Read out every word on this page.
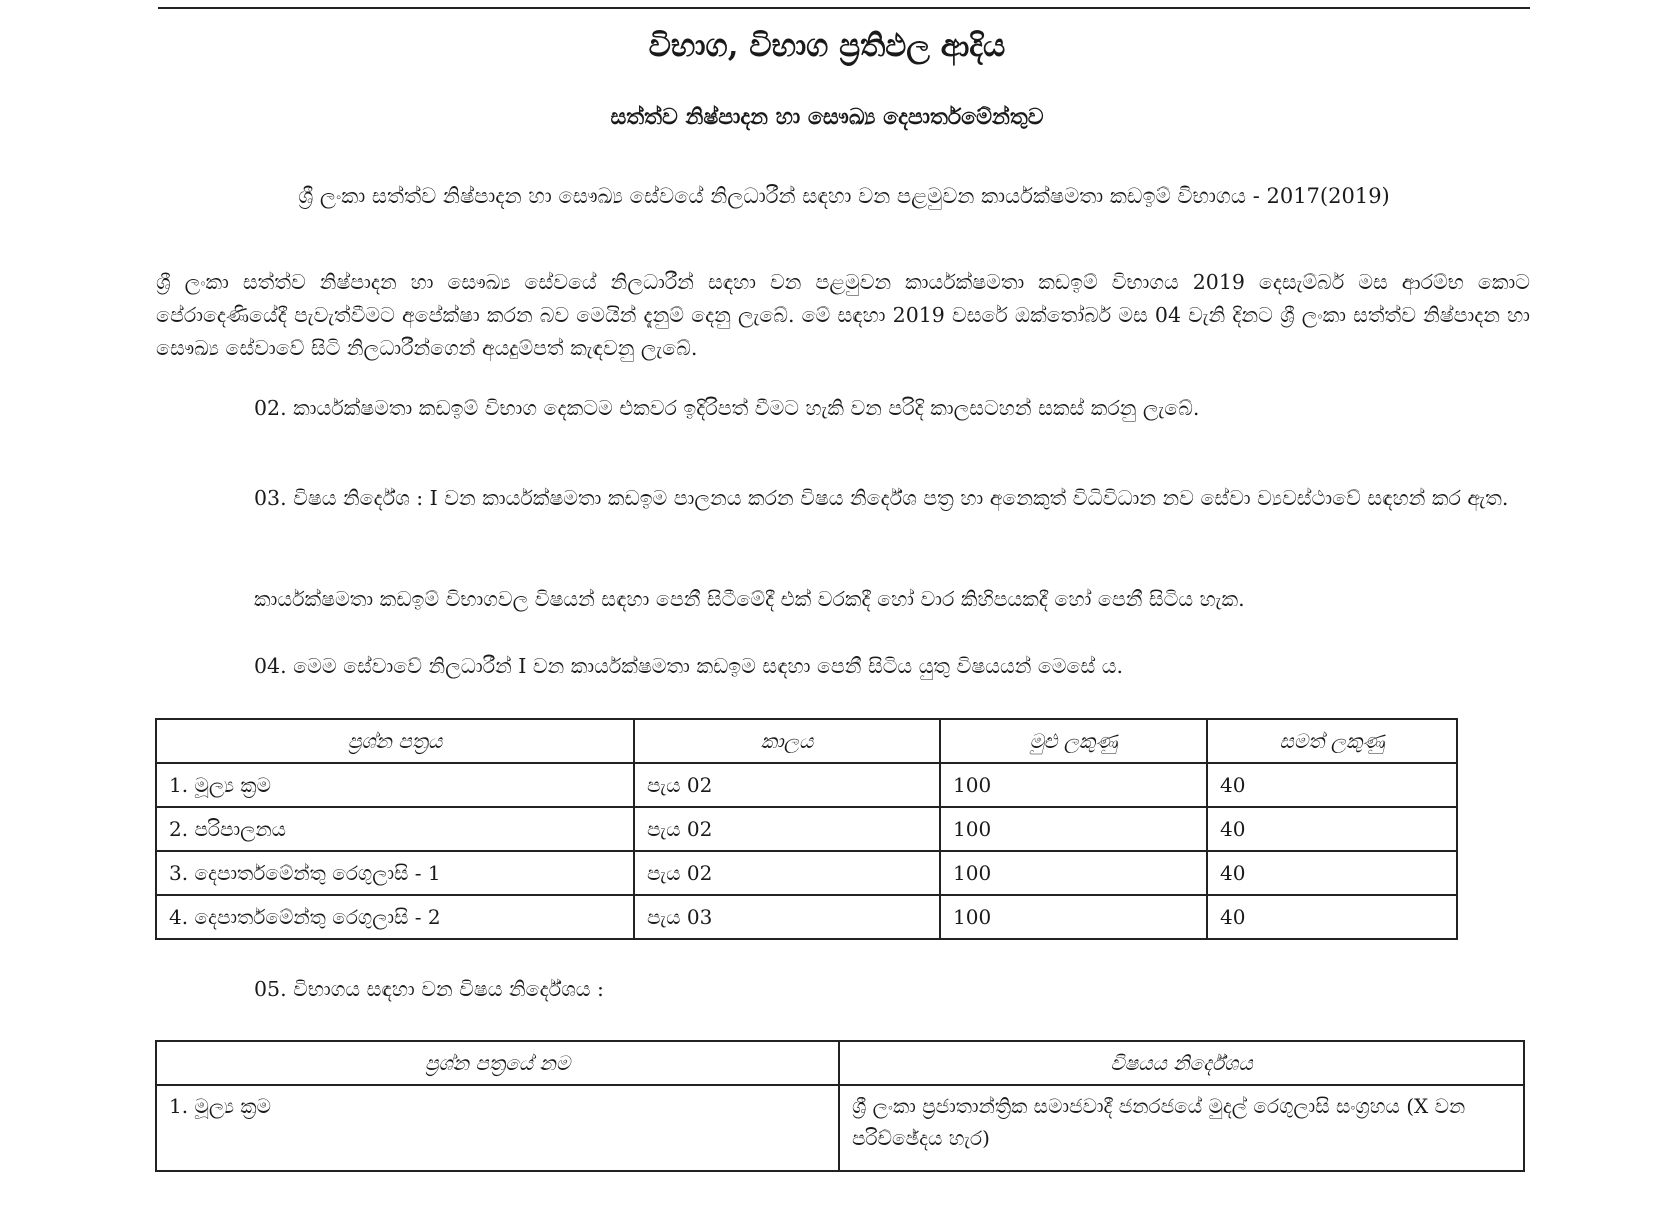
විභාග, විභාග ප්‍රතිඵල ආදිය
සත්ත්ව නිෂ්පාදන හා සෞඛ්‍ය දෙපාර්තමේන්තුව

ශ්‍රී ලංකා සත්ත්ව නිෂ්පාදන හා සෞඛ්‍ය සේවයේ නිලධාරීන් සඳහා වන පළමුවන කාර්යක්ෂමතා කඩඉම් විභාගය - 2017(2019)

ශ්‍රී ලංකා සත්ත්ව නිෂ්පාදන හා සෞඛ්‍ය සේවයේ නිලධාරීන් සඳහා වන පළමුවන කාර්යක්ෂමතා කඩඉම් විභාගය 2019 දෙසැම්බර් මස ආරම්භ කොට පේරාදෙණියේදී පැවැත්වීමට අපේක්ෂා කරන බව මෙයින් දැනුම් දෙනු ලැබේ. මේ සඳහා 2019 වසරේ ඔක්තෝබර් මස 04 වැනි දිනට ශ්‍රී ලංකා සත්ත්ව නිෂ්පාදන හා සෞඛ්‍ය සේවාවේ සිටි නිලධාරීන්ගෙන් අයදුම්පත් කැඳවනු ලැබේ.

02. කාර්යක්ෂමතා කඩඉම් විභාග දෙකටම එකවර ඉදිරිපත් වීමට හැකි වන පරිදි කාලසටහන් සකස් කරනු ලැබේ.

03. විෂය නිර්දේශ : I වන කාර්යක්ෂමතා කඩඉම පාලනය කරන විෂය නිර්දේශ පත්‍ර හා අනෙකුත් විධිවිධාන නව සේවා ව්‍යවස්ථාවේ සඳහන් කර ඇත.

කාර්යක්ෂමතා කඩඉම් විභාගවල විෂයන් සඳහා පෙනී සිටීමේදී එක් වරකදී හෝ වාර කිහිපයකදී හෝ පෙනී සිටිය හැක.

04. මෙම සේවාවේ නිලධාරීන් I වන කාර්යක්ෂමතා කඩඉම සඳහා පෙනී සිටිය යුතු විෂයයන් මෙසේ ය.

ප්‍රශ්න පත්‍රය	කාලය	මුළු ලකුණු	සමත් ලකුණු
1. මූල්‍ය ක්‍රම	පැය 02	100	40
2. පරිපාලනය	පැය 02	100	40
3. දෙපාර්තමේන්තු රෙගුලාසි - 1	පැය 02	100	40
4. දෙපාර්තමේන්තු රෙගුලාසි - 2	පැය 03	100	40

05. විභාගය සඳහා වන විෂය නිර්දේශය :

ප්‍රශ්න පත්‍රයේ නම	විෂයය නිර්දේශය
1. මූල්‍ය ක්‍රම	ශ්‍රී ලංකා ප්‍රජාතාන්ත්‍රික සමාජවාදී ජනරජයේ මුදල් රෙගුලාසි සංග්‍රහය (X වන පරිච්ඡේදය හැර)
